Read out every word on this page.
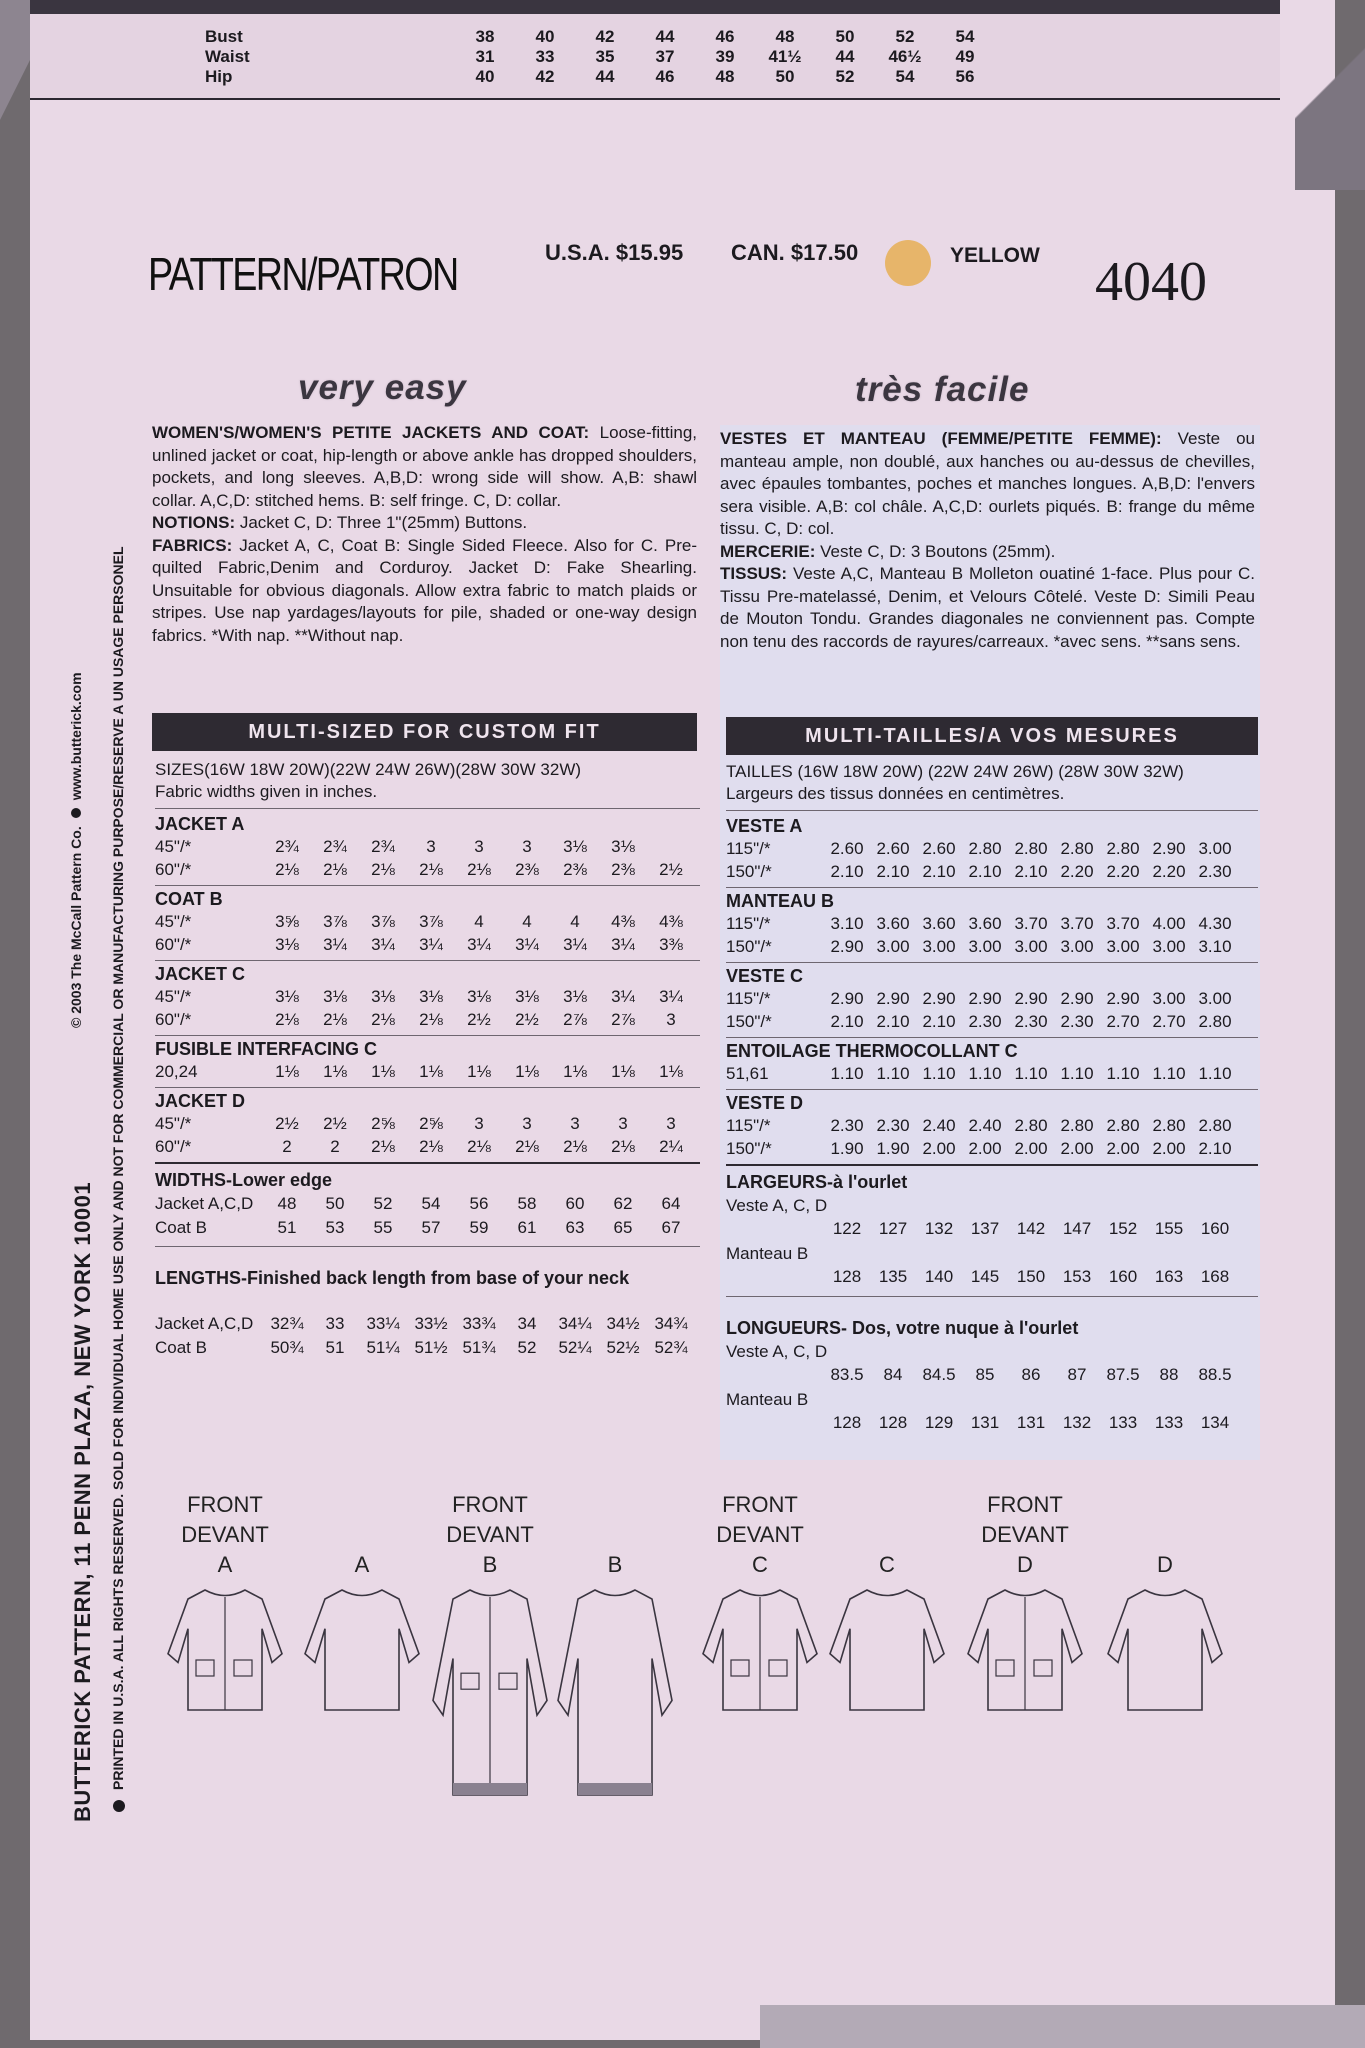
Bust	38 40 42 44 46 48 50 52 54
Waist	31 33 35 37 39 41½ 44 46½ 49
Hip	40 42 44 46 48 50 52 54 56
PATTERN/PATRON	U.S.A. $15.95 CAN. $17.50	YELLOW 4040
BUTTERICK PATTERN, 11 PENN PLAZA, NEW YORK 10001 PRINTED IN U.S.A. ALL RIGHTS RESERVED. SOLD FOR INDIVIDUAL HOME USE ONLY AND NOT FOR COMMERCIAL OR MANUFACTURING PURPOSE/RESERVE A UN USAGE PERSONEL
© 2003 The McCall Pattern Co.www.butterick.com
very easy
WOMEN'S/WOMEN'S PETITE JACKETS AND COAT: Loose-fitting, unlined jacket or coat, hip-length or above ankle has dropped shoulders, pockets, and long sleeves. A,B,D: wrong side will show. A,B: shawl collar. A,C,D: stitched hems. B: self fringe. C, D: collar.
NOTIONS: Jacket C, D: Three 1"(25mm) Buttons.
FABRICS: Jacket A, C, Coat B: Single Sided Fleece. Also for C. Pre-quilted Fabric,Denim and Corduroy. Jacket D: Fake Shearling. Unsuitable for obvious diagonals. Allow extra fabric to match plaids or stripes. Use nap yardages/layouts for pile, shaded or one-way design fabrics. *With nap. **Without nap.
très facile
VESTES ET MANTEAU (FEMME/PETITE FEMME): Veste ou manteau ample, non doublé, aux hanches ou au-dessus de chevilles, avec épaules tombantes, poches et manches longues. A,B,D: l'envers sera visible. A,B: col châle. A,C,D: ourlets piqués. B: frange du même tissu. C, D: col.
MERCERIE: Veste C, D: 3 Boutons (25mm).
TISSUS: Veste A,C, Manteau B Molleton ouatiné 1-face. Plus pour C. Tissu Pre-matelassé, Denim, et Velours Côtelé. Veste D: Simili Peau de Mouton Tondu. Grandes diagonales ne conviennent pas. Compte non tenu des raccords de rayures/carreaux. *avec sens. **sans sens.
MULTI-SIZED FOR CUSTOM FIT	MULTI-TAILLES/A VOS MESURES
SIZES(16W 18W 20W)(22W 24W 26W)(28W 30W 32W)
Fabric widths given in inches.
JACKET A
45"/*	2¾ 2¾ 2¾ 3 3 3 3⅛ 3⅛
60"/*	2⅛ 2⅛ 2⅛ 2⅛ 2⅛ 2⅜ 2⅜ 2⅜ 2½
COAT B
45"/*	3⅝ 3⅞ 3⅞ 3⅞ 4 4 4 4⅜ 4⅜
60"/*	3⅛ 3¼ 3¼ 3¼ 3¼ 3¼ 3¼ 3¼ 3⅜
JACKET C
45"/*	3⅛ 3⅛ 3⅛ 3⅛ 3⅛ 3⅛ 3⅛ 3¼ 3¼
60"/*	2⅛ 2⅛ 2⅛ 2⅛ 2½ 2½ 2⅞ 2⅞ 3
FUSIBLE INTERFACING C
20,24	1⅛ 1⅛ 1⅛ 1⅛ 1⅛ 1⅛ 1⅛ 1⅛ 1⅛
JACKET D
45"/*	2½ 2½ 2⅝ 2⅝ 3 3 3 3 3
60"/*	2 2 2⅛ 2⅛ 2⅛ 2⅛ 2⅛ 2⅛ 2¼
WIDTHS-Lower edge
Jacket A,C,D	48 50 52 54 56 58 60 62 64
Coat B	51 53 55 57 59 61 63 65 67
LENGTHS-Finished back length from base of your neck
Jacket A,C,D	32¾ 33 33¼ 33½ 33¾ 34 34¼ 34½ 34¾
Coat B	50¾ 51 51¼ 51½ 51¾ 52 52¼ 52½ 52¾
TAILLES (16W 18W 20W) (22W 24W 26W) (28W 30W 32W)
Largeurs des tissus données en centimètres.
VESTE A
115"/*	2.60 2.60 2.60 2.80 2.80 2.80 2.80 2.90 3.00
150"/*	2.10 2.10 2.10 2.10 2.10 2.20 2.20 2.20 2.30
MANTEAU B
115"/*	3.10 3.60 3.60 3.60 3.70 3.70 3.70 4.00 4.30
150"/*	2.90 3.00 3.00 3.00 3.00 3.00 3.00 3.00 3.10
VESTE C
115"/*	2.90 2.90 2.90 2.90 2.90 2.90 2.90 3.00 3.00
150"/*	2.10 2.10 2.10 2.30 2.30 2.30 2.70 2.70 2.80
ENTOILAGE THERMOCOLLANT C
51,61	1.10 1.10 1.10 1.10 1.10 1.10 1.10 1.10 1.10
VESTE D
115"/*	2.30 2.30 2.40 2.40 2.80 2.80 2.80 2.80 2.80
150"/*	1.90 1.90 2.00 2.00 2.00 2.00 2.00 2.00 2.10
LARGEURS-à l'ourlet
Veste A, C, D
122 127 132 137 142 147 152 155 160
Manteau B
128 135 140 145 150 153 160 163 168
LONGUEURS- Dos, votre nuque à l'ourlet
Veste A, C, D
83.5 84 84.5 85 86 87 87.5 88 88.5
Manteau B
128 128 129 131 131 132 133 133 134
FRONT
DEVANT
A	A
FRONT
DEVANT
B	B
FRONT
DEVANT
C	C
FRONT
DEVANT
D	D
